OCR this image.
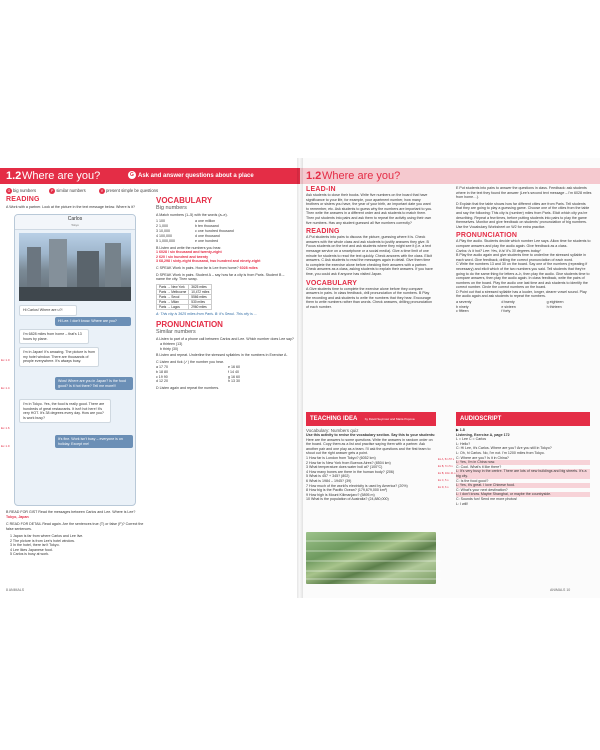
1.2 Where are you?	G Ask and answer questions about a place
G big numbers	P similar numbers	V present simple be questions
READING
A Work with a partner. Look at the picture in the text message below. Where is it?
Carlos
Tokyo
Hi Carlos! Where are u?!
Hi Lee. I don't know. Where are you?
I'm 6828 miles from home – that's 13 hours by plane.
I'm in Japan! It's amazing. The picture is from my hotel window. There are thousands of people everywhere. It's always busy.
Wow! Where are you in Japan? Is the food good? Is it hot there? Tell me more!!!
I'm in Tokyo. Yes, the food is really good. There are hundreds of great restaurants. It isn't hot here! It's very HOT. It's 38 degrees every day. How are you? Is work busy?
It's fine. Work isn't busy – everyone is on holiday. Except me!
Ex 1.0
Ex 1.4
Ex 1.6
Ex 1.9
B READ FOR GIST Read the messages between Carlos and Lee. Where is Lee? Tokyo, Japan
C READ FOR DETAIL Read again. Are the sentences true (T) or false (F)? Correct the false sentences.
1 Japan is far from where Carlos and Lee live.
2 The picture is from Lee's hotel window.
3 In the hotel, there isn't Tokyo.
4 Lee likes Japanese food.
5 Carlos is busy at work.
VOCABULARY
Big numbers
A Match numbers (1–5) with the words (a–e).
1 100
2 1,000
3 10,000
4 100,000
5 1,000,000
a one million
b ten thousand
c one hundred thousand
d one thousand
e one hundred
B Listen and write the numbers you hear.
1 6028 / six thousand and twenty-eight
2 620 / six hundred and twenty
3 68,298 / sixty-eight thousand, two hundred and ninety-eight
C SPEAK Work in pairs. How far is Lee from home? 6028 miles
D SPEAK Work in pairs. Student A – say how far a city is from Paris. Student B – name the city. Then swap.
Paris → New York	3625 miles
Paris → Melbourne	10,472 miles
Paris → Seoul	5566 miles
Paris → Milan	530 miles
Paris → Lagos	2960 miles
A: This city is 3625 miles from Paris. B: It's Seoul. This city is ...
PRONUNCIATION
Similar numbers
A Listen to part of a phone call between Carlos and Lee. Which number does Lee say?
a thirteen (13)
b thirty (30)
B Listen and repeat. Underline the stressed syllables in the numbers in Exercise A.
C Listen and tick (✓) the number you hear.
a 17 70	e 16 60
b 18 80	f 14 40
c 19 90	g 16 60
d 12 20	h 13 30
D Listen again and repeat the numbers.
8 ANIMALS
1.2 Where are you?
LEAD-IN
Ask students to close their books. Write five numbers on the board that have significance to your life, for example, your apartment number, how many brothers or sisters you have, the year of your birth, an important date you want to remember, etc. Ask students to guess why the numbers are important to you. Then write the answers in a different order and ask students to match them. Then put students into pairs and ask them to repeat the activity using their own five numbers. Has any student guessed all five numbers correctly?
READING
A Put students into pairs to discuss the picture, guessing where it is. Check answers with the whole class and ask students to justify answers they give. B Focus students on the text and ask students where they might see it (i.e. a text message service on a smartphone or a social media). Give a time limit of one minute for students to read the text quickly. Check answers with the class. Elicit answers. C Ask students to read the messages again in detail. Give them time to complete the exercise alone before checking their answers with a partner. Check answers as a class, asking students to explain their answers. If you have time, you could ask if anyone has visited Japan.
VOCABULARY
A Give students time to complete the exercise alone before they compare answers in pairs. In class feedback, drill pronunciation of the numbers. B Play the recording and ask students to write the numbers that they hear. Encourage them to write numbers rather than words. Check answers, drilling pronunciation of each number.
E Put students into pairs to answer the questions in class. Feedback: ask students where in the text they found the answer (Lee's second text message – I'm 6028 miles from home…).
D Explain that the table shows how far different cities are from Paris. Tell students that they are going to play a guessing game. Choose one of the cities from the table and say the following: This city is (number) miles from Paris. Elicit which city you're describing. Repeat a few times, before putting students into pairs to play the game themselves. Monitor and give feedback on students' pronunciation of big numbers. Use the Vocabulary Worksheet on W2 for extra practice.
PRONUNCIATION
A Play the audio. Students decide which number Lee says. Allow time for students to compare answers and play the audio again. Give feedback as a class.
Carlos: Is it hot? Lee: Yes, it is! It's 30 degrees today!
B Play the audio again and give students time to underline the stressed syllable in each word. Give feedback, drilling the correct pronunciation of each word.
C Write the numbers 13 and 30 on the board. Say one of the numbers (repeating if necessary) and elicit which of the two numbers you said. Tell students that they're going to do the same thing for letters a–h, then play the audio. Give students time to compare answers, then play the audio again. In class feedback, write the pairs of numbers on the board. Play the audio one last time and ask students to identify the correct number. Circle the correct numbers on the board.
D Point out that a stressed syllable has a louder, longer, clearer vowel sound. Play the audio again and ask students to repeat the numbers.
a seventy	d twenty	g eighteen
b ninety	e sixteen	h thirteen
c fifteen	f forty
TEACHING IDEA	by David Seymour and Maria Popova
Vocabulary: Numbers quiz
Use this activity to revise the vocabulary section. Say this to your students:
Here are the answers to some questions. Write the answers in random order on the board. Copy them as a list and practise saying them with a partner. Ask another pair and one play as a team. I'll ask the questions and the first team to shout out the right answer gets a point.
1 How far is London from Tokyo? (6052 km)
2 How far is New York from Buenos Aires? (8504 km)
3 What temperature does water boil at? (100°C)
4 How many bones are there in the human body? (206)
5 What is 457 + 345? (802)
6 What is 1984 – 1945? (39)
7 How much of the world's electricity is used by America? (20%)
8 How big is the Pacific Ocean? (179,679,000 km²)
9 How high is Mount Kilimanjaro? (5895 m)
10 What is the population of Australia? (24,880,000)
AUDIOSCRIPT
▶ 1.8
Listening, Exercise A, page 172
L = Lee C = Carlos
L: Hello?
C: Hi Lee, it's Carlos. Where are you? Are you still in Tokyo?
L: Oh, hi Carlos. No, I'm not. I'm 1200 miles from Tokyo.
C: Where are you? Is it in China?
L: Yes, I'm in China now.
C: Cool. What's it like there?
L: It's very busy in the centre. There are lots of new buildings and big streets. It's a big city.
C: Is the food good?
L: Yes, it's great. I love Chinese food.
C: What's your next destination?
L: I don't know. Maybe Shanghai, or maybe the countryside.
C: Sounds fun! Send me more photos!
L: I will!
Ex A, 5m 57 s
Ex B, 7m 5 s
Ex B, 10m 41 s
Ex C, 5 s
Ex D, 6 s
ANIMALS 10
